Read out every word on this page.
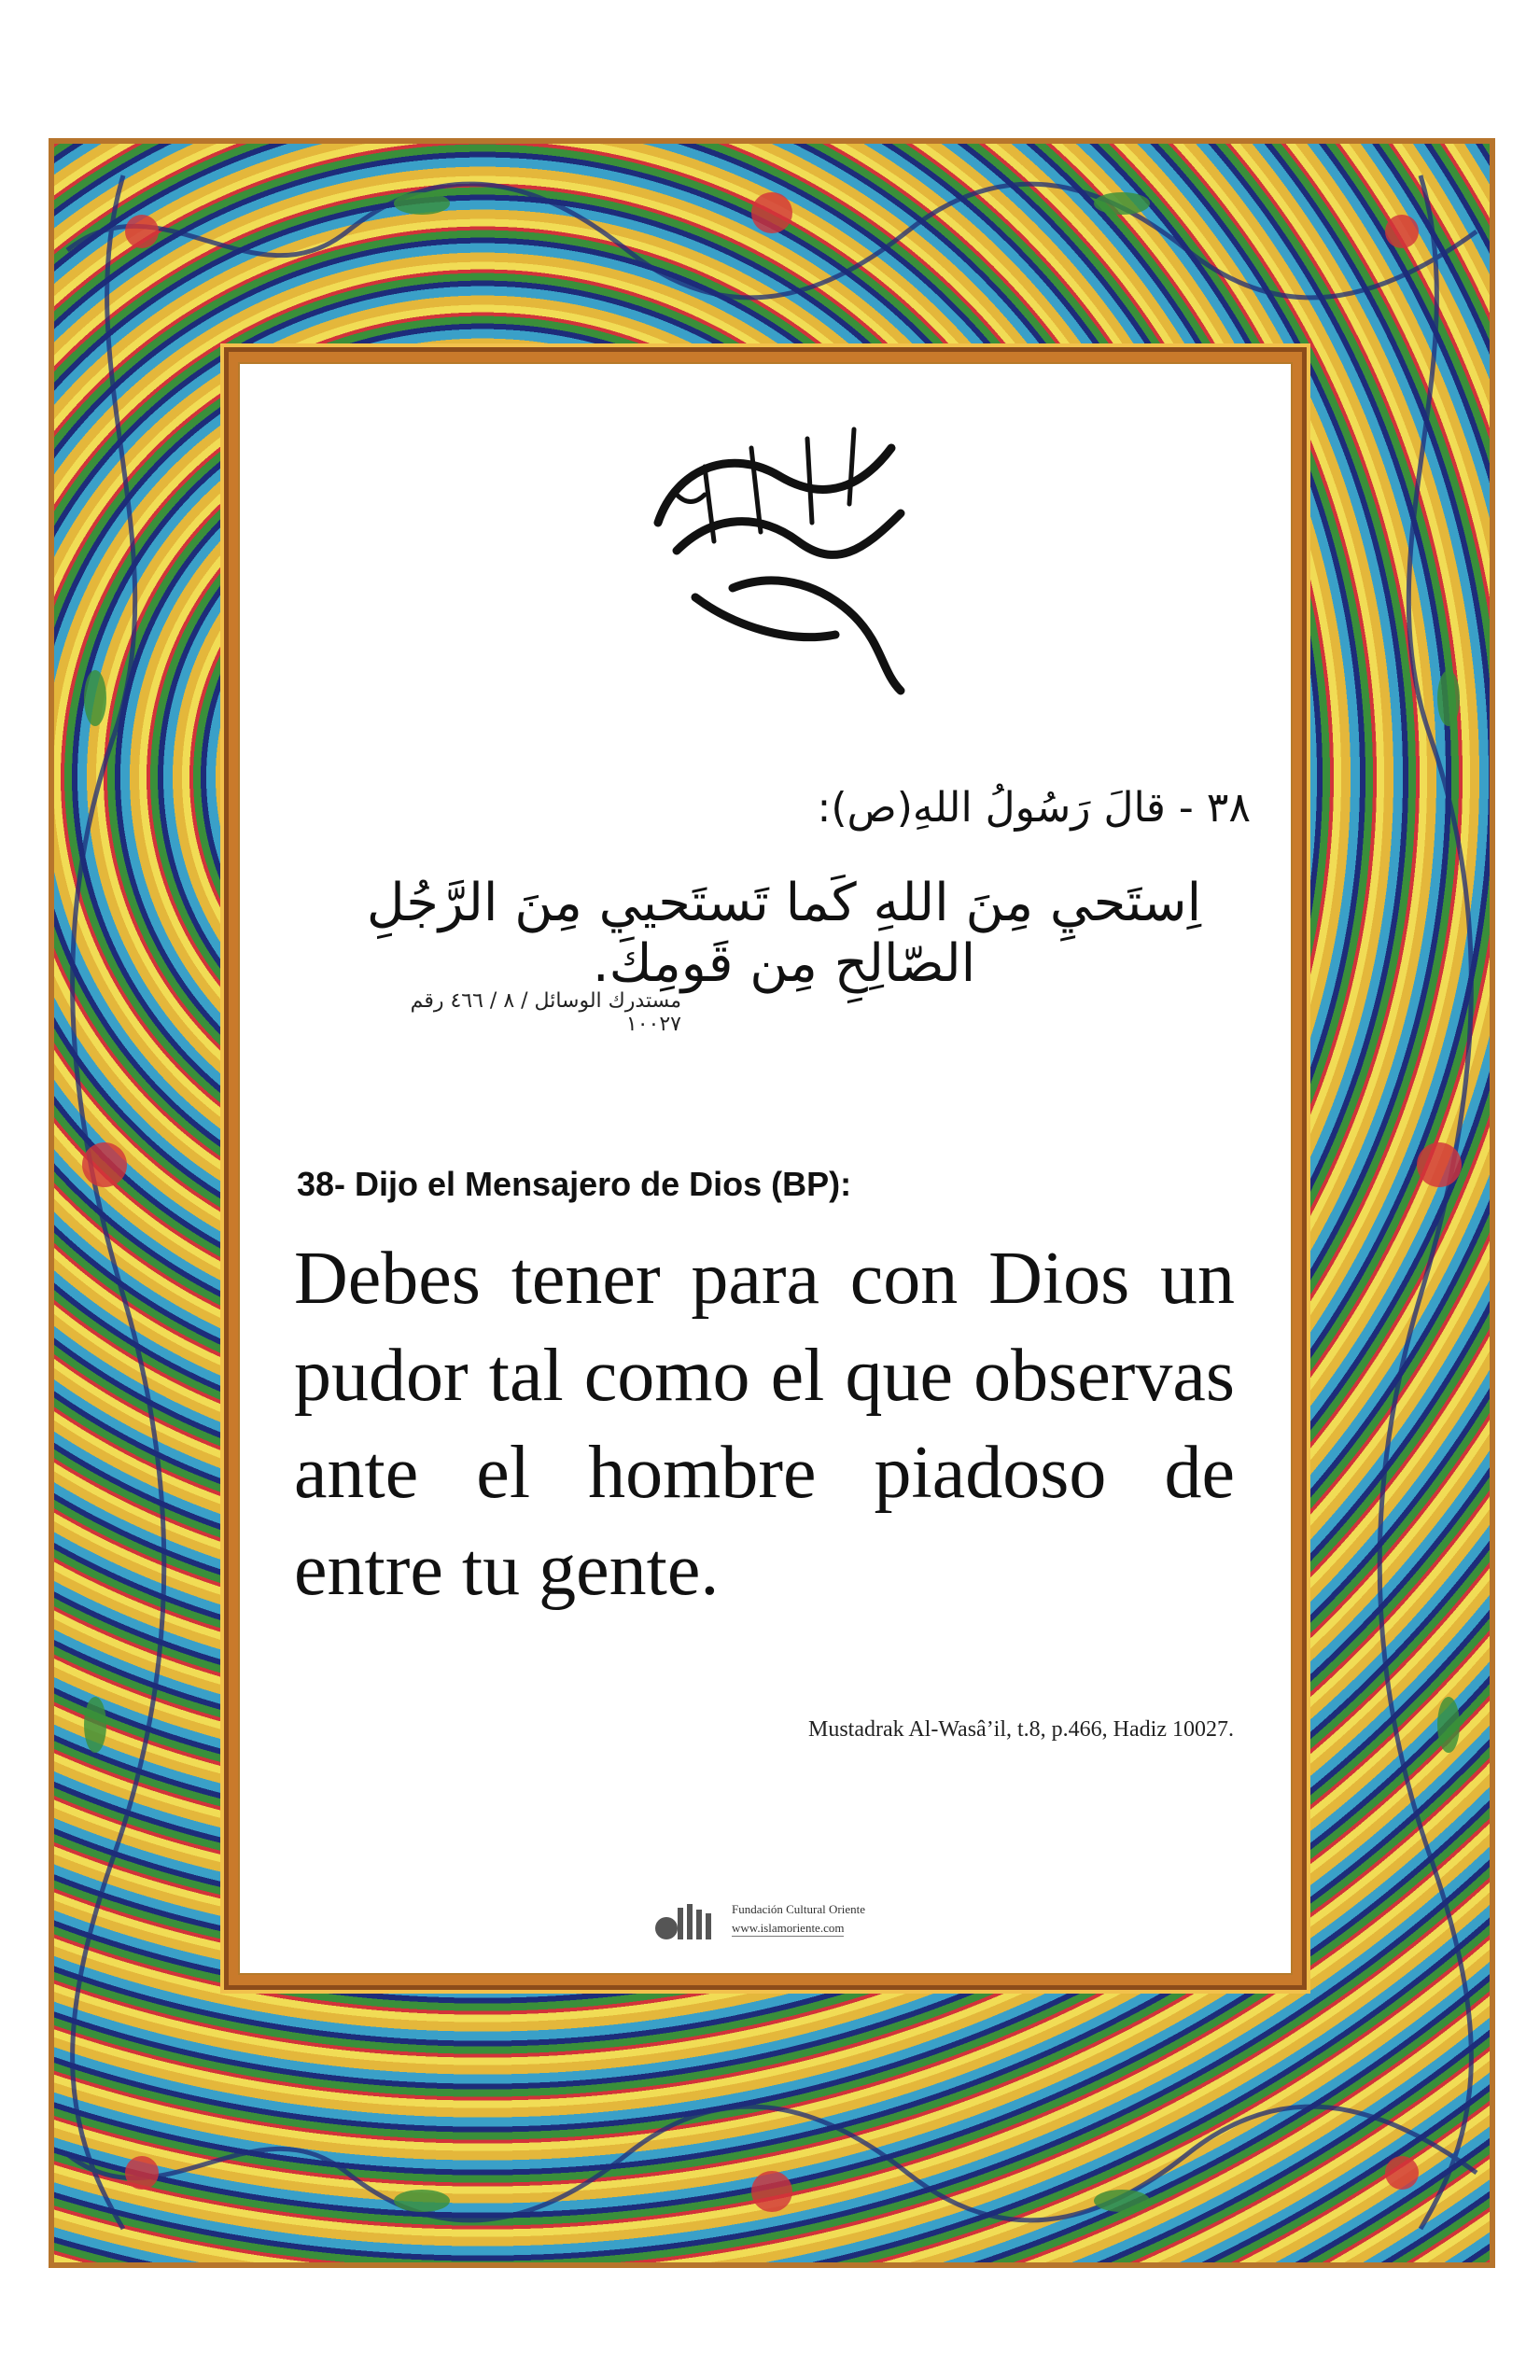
٣٨ - قالَ رَسُولُ اللهِ(ص):
اِستَحيِ مِنَ اللهِ كَما تَستَحيي مِنَ الرَّجُلِ الصّالِحِ مِن قَومِكَ.
مستدرك الوسائل / ٨ / ٤٦٦ رقم ١٠٠٢٧
38- Dijo el Mensajero de Dios (BP):
Debes tener para con Dios un pudor tal como el que observas ante el hombre piadoso de entre tu gente.
Mustadrak Al-Wasâ’il, t.8, p.466, Hadiz 10027.
Fundación Cultural Oriente
www.islamoriente.com
